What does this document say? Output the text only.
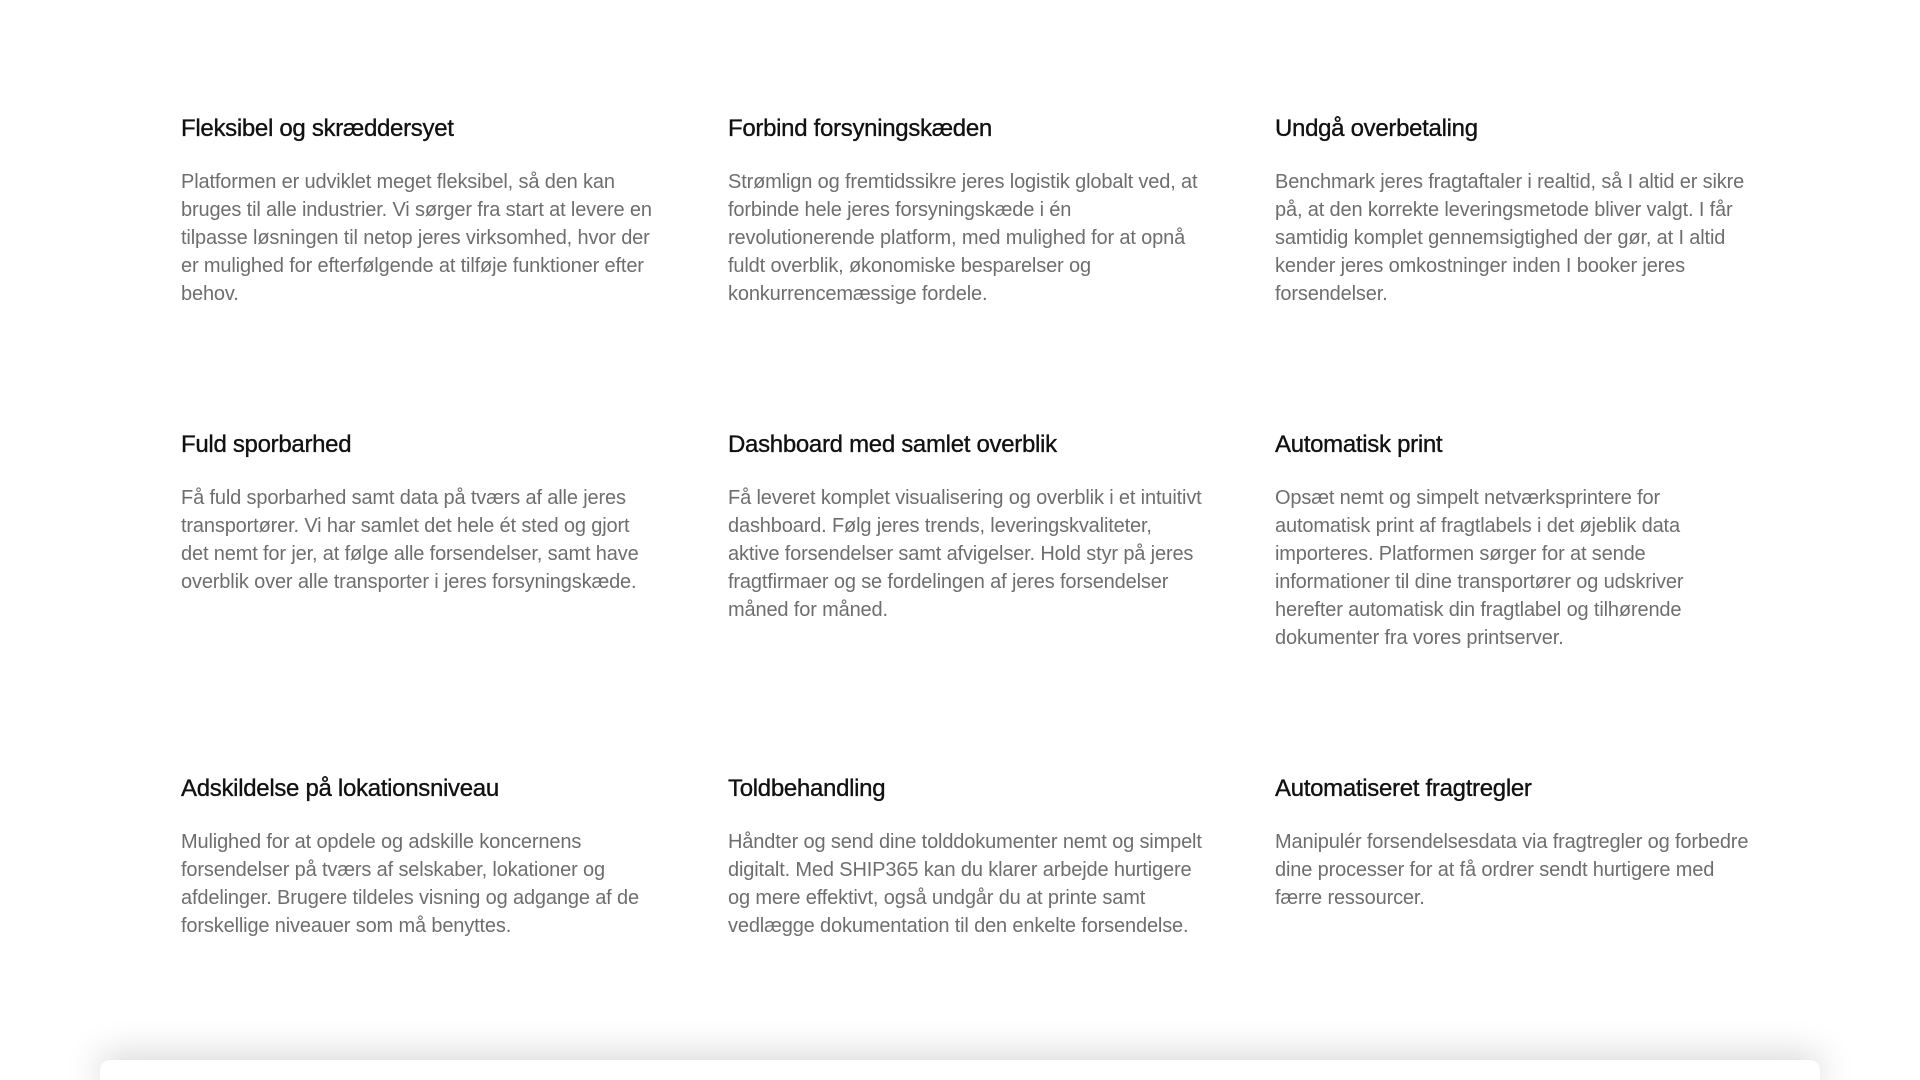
Fleksibel og skræddersyet

Platformen er udviklet meget fleksibel, så den kan bruges til alle industrier. Vi sørger fra start at levere en tilpasse løsningen til netop jeres virksomhed, hvor der er mulighed for efterfølgende at tilføje funktioner efter behov.

Forbind forsyningskæden

Strømlign og fremtidssikre jeres logistik globalt ved, at forbinde hele jeres forsyningskæde i én revolutionerende platform, med mulighed for at opnå fuldt overblik, økonomiske besparelser og konkurrencemæssige fordele.

Undgå overbetaling

Benchmark jeres fragtaftaler i realtid, så I altid er sikre på, at den korrekte leveringsmetode bliver valgt. I får samtidig komplet gennemsigtighed der gør, at I altid kender jeres omkostninger inden I booker jeres forsendelser.

Fuld sporbarhed

Få fuld sporbarhed samt data på tværs af alle jeres transportører. Vi har samlet det hele ét sted og gjort det nemt for jer, at følge alle forsendelser, samt have overblik over alle transporter i jeres forsyningskæde.

Dashboard med samlet overblik

Få leveret komplet visualisering og overblik i et intuitivt dashboard. Følg jeres trends, leveringskvaliteter, aktive forsendelser samt afvigelser. Hold styr på jeres fragtfirmaer og se fordelingen af jeres forsendelser måned for måned.

Automatisk print

Opsæt nemt og simpelt netværksprintere for automatisk print af fragtlabels i det øjeblik data importeres. Platformen sørger for at sende informationer til dine transportører og udskriver herefter automatisk din fragtlabel og tilhørende dokumenter fra vores printserver.

Adskildelse på lokationsniveau

Mulighed for at opdele og adskille koncernens forsendelser på tværs af selskaber, lokationer og afdelinger. Brugere tildeles visning og adgange af de forskellige niveauer som må benyttes.

Toldbehandling

Håndter og send dine tolddokumenter nemt og simpelt digitalt. Med SHIP365 kan du klarer arbejde hurtigere og mere effektivt, også undgår du at printe samt vedlægge dokumentation til den enkelte forsendelse.

Automatiseret fragtregler

Manipulér forsendelsesdata via fragtregler og forbedre dine processer for at få ordrer sendt hurtigere med færre ressourcer.
